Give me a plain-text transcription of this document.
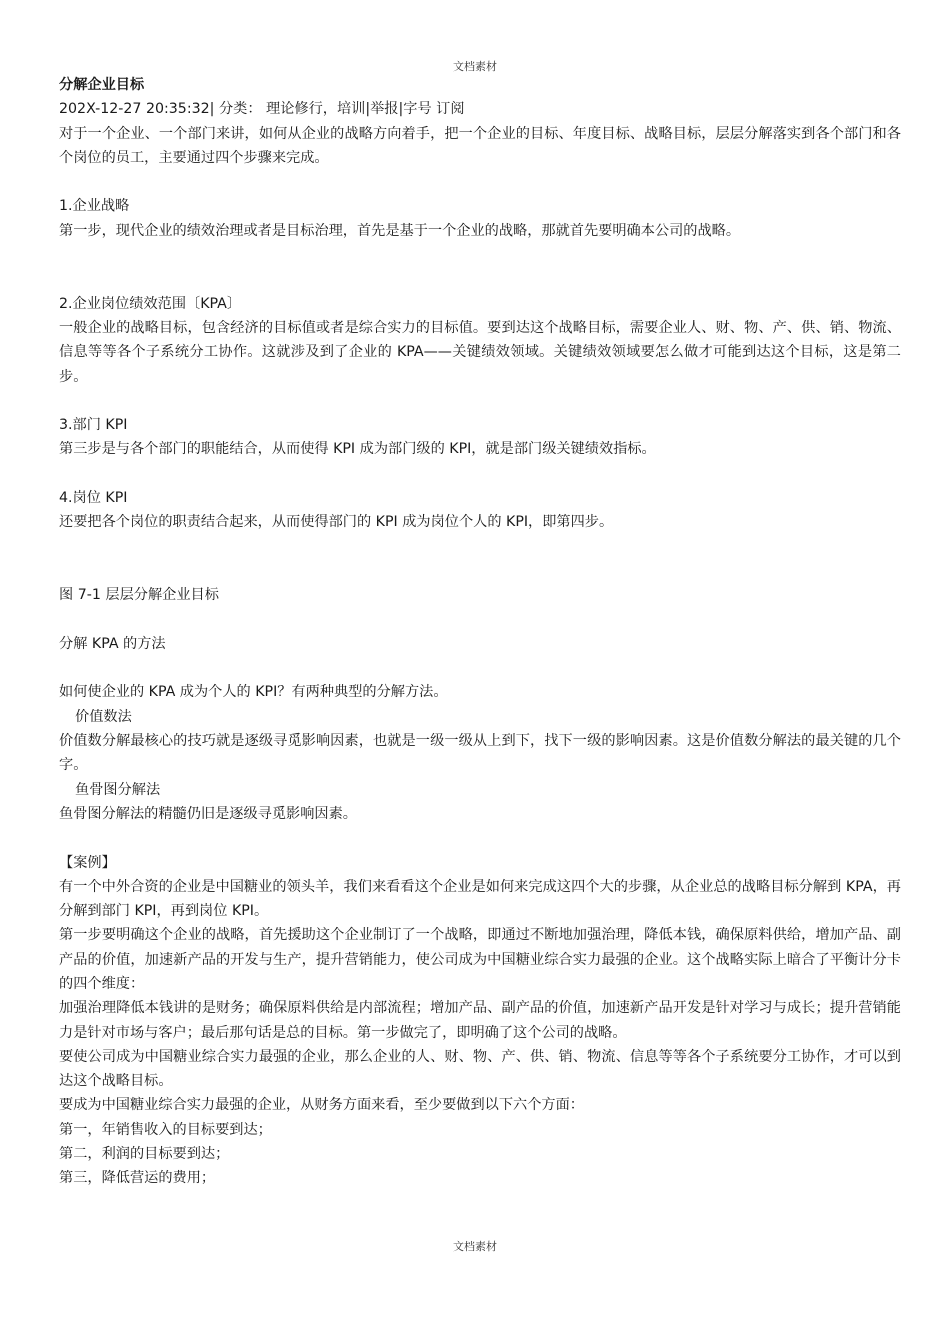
文档素材

分解企业目标

202X-12-27 20:35:32| 分类： 理论修行，培训|举报|字号 订阅

对于一个企业、一个部门来讲，如何从企业的战略方向着手，把一个企业的目标、年度目标、战略目标，层层分解落实到各个部门和各个岗位的员工，主要通过四个步骤来完成。

1.企业战略

第一步，现代企业的绩效治理或者是目标治理，首先是基于一个企业的战略，那就首先要明确本公司的战略。

2.企业岗位绩效范围〔KPA〕

一般企业的战略目标，包含经济的目标值或者是综合实力的目标值。要到达这个战略目标，需要企业人、财、物、产、供、销、物流、信息等等各个子系统分工协作。这就涉及到了企业的 KPA——关键绩效领域。关键绩效领域要怎么做才可能到达这个目标，这是第二步。

3.部门 KPI

第三步是与各个部门的职能结合，从而使得 KPI 成为部门级的 KPI，就是部门级关键绩效指标。

4.岗位 KPI

还要把各个岗位的职责结合起来，从而使得部门的 KPI 成为岗位个人的 KPI，即第四步。

图 7-1 层层分解企业目标

分解 KPA 的方法

如何使企业的 KPA 成为个人的 KPI？有两种典型的分解方法。

价值数法

价值数分解最核心的技巧就是逐级寻觅影响因素，也就是一级一级从上到下，找下一级的影响因素。这是价值数分解法的最关键的几个字。

鱼骨图分解法

鱼骨图分解法的精髓仍旧是逐级寻觅影响因素。

【案例】

有一个中外合资的企业是中国糖业的领头羊，我们来看看这个企业是如何来完成这四个大的步骤，从企业总的战略目标分解到 KPA，再分解到部门 KPI，再到岗位 KPI。

第一步要明确这个企业的战略，首先援助这个企业制订了一个战略，即通过不断地加强治理，降低本钱，确保原料供给，增加产品、副产品的价值，加速新产品的开发与生产，提升营销能力，使公司成为中国糖业综合实力最强的企业。这个战略实际上暗合了平衡计分卡的四个维度：

加强治理降低本钱讲的是财务；确保原料供给是内部流程；增加产品、副产品的价值，加速新产品开发是针对学习与成长；提升营销能力是针对市场与客户；最后那句话是总的目标。第一步做完了，即明确了这个公司的战略。

要使公司成为中国糖业综合实力最强的企业，那么企业的人、财、物、产、供、销、物流、信息等等各个子系统要分工协作，才可以到达这个战略目标。

要成为中国糖业综合实力最强的企业，从财务方面来看，至少要做到以下六个方面：

第一，年销售收入的目标要到达；

第二，利润的目标要到达；

第三，降低营运的费用；

文档素材
